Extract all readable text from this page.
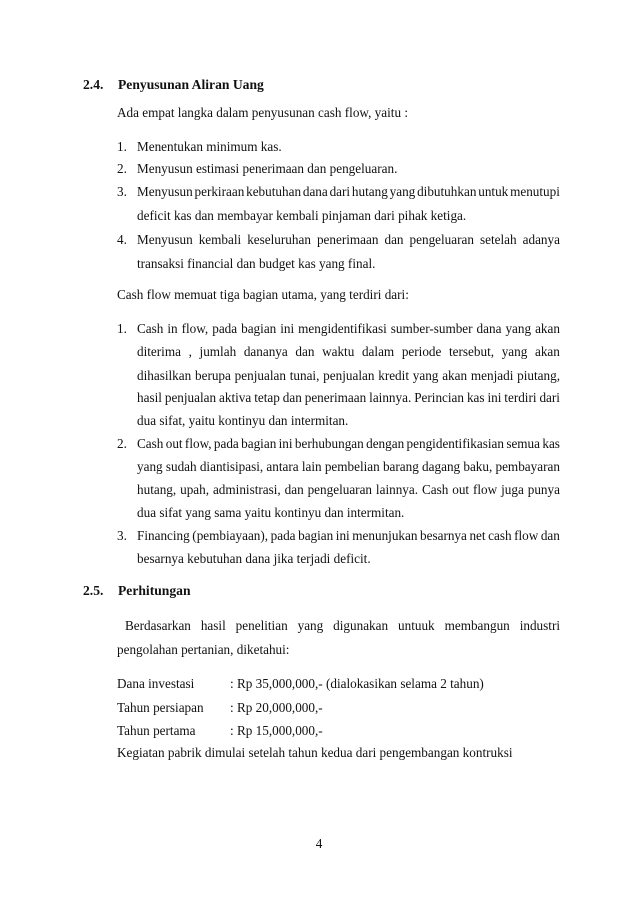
2.4. Penyusunan Aliran Uang
Ada empat langka dalam penyusunan cash flow, yaitu :
1. Menentukan minimum kas.
2. Menyusun estimasi penerimaan dan pengeluaran.
3. Menyusun perkiraan kebutuhan dana dari hutang yang dibutuhkan untuk menutupi
deficit kas dan membayar kembali pinjaman dari pihak ketiga.
4. Menyusun kembali keseluruhan penerimaan dan pengeluaran setelah adanya
transaksi financial dan budget kas yang final.
Cash flow memuat tiga bagian utama, yang terdiri dari:
1. Cash in flow, pada bagian ini mengidentifikasi sumber-sumber dana yang akan
diterima , jumlah dananya dan waktu dalam periode tersebut, yang akan
dihasilkan berupa penjualan tunai, penjualan kredit yang akan menjadi piutang,
hasil penjualan aktiva tetap dan penerimaan lainnya. Perincian kas ini terdiri dari
dua sifat, yaitu kontinyu dan intermitan.
2. Cash out flow, pada bagian ini berhubungan dengan pengidentifikasian semua kas
yang sudah diantisipasi, antara lain pembelian barang dagang baku, pembayaran
hutang, upah, administrasi, dan pengeluaran lainnya. Cash out flow juga punya
dua sifat yang sama yaitu kontinyu dan intermitan.
3. Financing (pembiayaan), pada bagian ini menunjukan besarnya net cash flow dan
besarnya kebutuhan dana jika terjadi deficit.
2.5. Perhitungan
Berdasarkan hasil penelitian yang digunakan untuuk membangun industri
pengolahan pertanian, diketahui:
Dana investasi	: Rp 35,000,000,- (dialokasikan selama 2 tahun)
Tahun persiapan : Rp 20,000,000,-
Tahun pertama	: Rp 15,000,000,-
Kegiatan pabrik dimulai setelah tahun kedua dari pengembangan kontruksi
4
